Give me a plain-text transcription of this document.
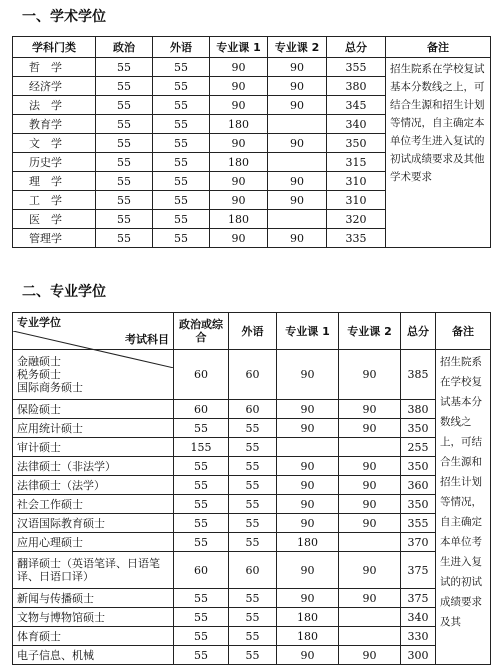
一、学术学位
学科门类	政治	外语	专业课 1	专业课 2	总分	备注
哲　学	55	55	90	90	355	招生院系在学校复试基本分数线之上，可结合生源和招生计划等情况，自主确定本单位考生进入复试的初试成绩要求及其他学术要求
经济学	55	55	90	90	380	
法　学	55	55	90	90	345	
教育学	55	55	180		340	
文　学	55	55	90	90	350	
历史学	55	55	180		315	
理　学	55	55	90	90	310	
工　学	55	55	90	90	310	
医　学	55	55	180		320	
管理学	55	55	90	90	335	
二、专业学位
考试科目
专业学位	政治或综合	外语	专业课 1	专业课 2	总分	备注

金融硕士
税务硕士
国际商务硕士	60	60	90	90	385	招生院系在学校复试基本分数线之上，可结合生源和招生计划等情况，自主确定本单位考生进入复试的初试成绩要求及其

保险硕士	60	60	90	90	380	

应用统计硕士	55	55	90	90	350	

审计硕士	155	55			255	

法律硕士（非法学）	55	55	90	90	350	

法律硕士（法学）	55	55	90	90	360	

社会工作硕士	55	55	90	90	350	

汉语国际教育硕士	55	55	90	90	355	

应用心理硕士	55	55	180		370	

翻译硕士（英语笔译、日语笔译、日语口译）	60	60	90	90	375	

新闻与传播硕士	55	55	90	90	375	

文物与博物馆硕士	55	55	180		340	

体育硕士	55	55	180		330	

电子信息、机械	55	55	90	90	300	
